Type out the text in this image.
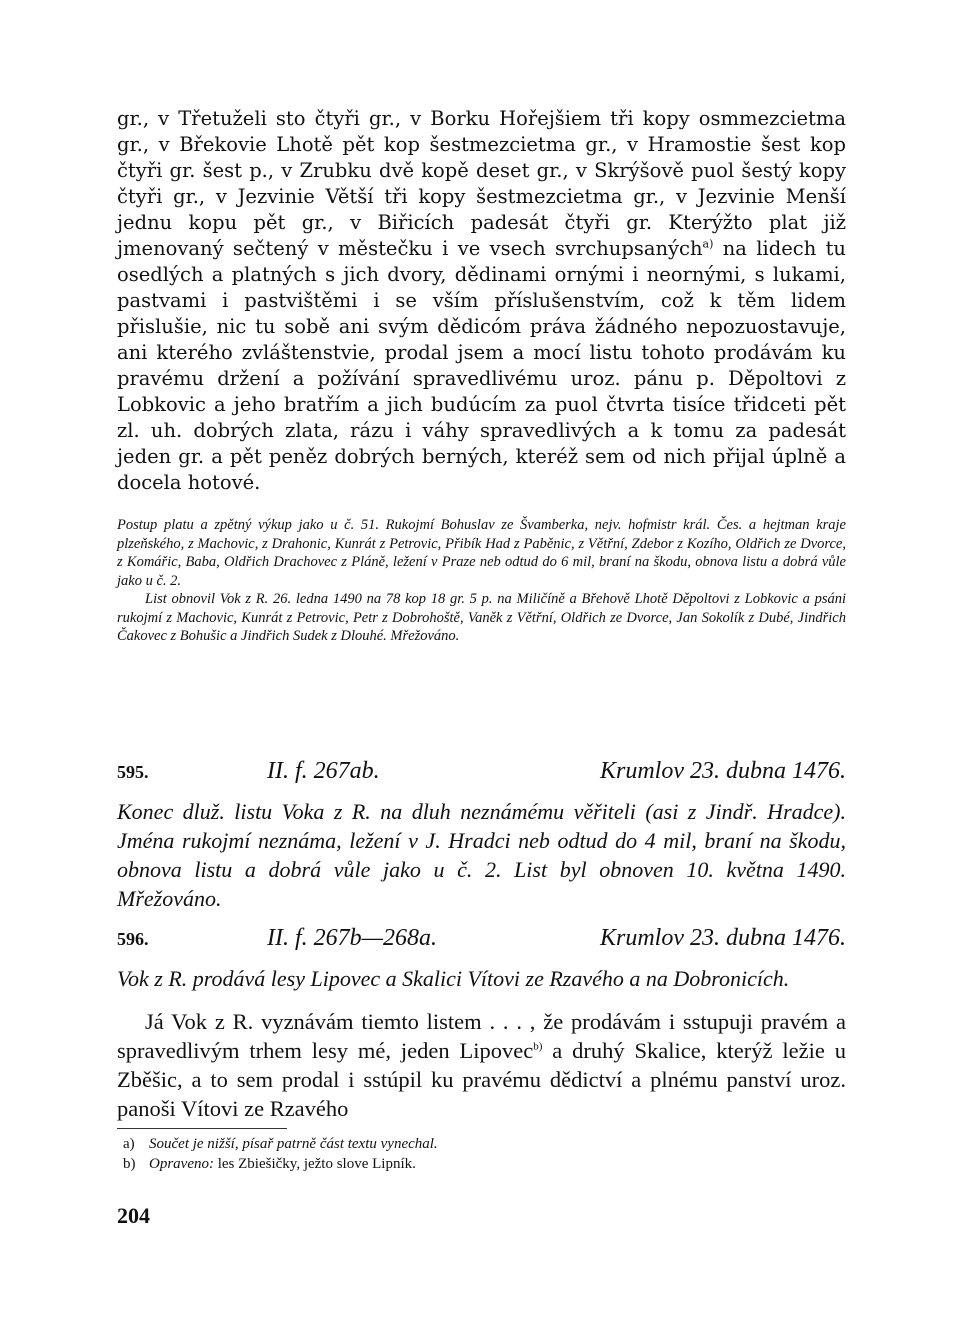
gr., v Třetuželi sto čtyři gr., v Borku Hořejšiem tři kopy osmmezcietma gr., v Břekovie Lhotě pět kop šestmezcietma gr., v Hramostie šest kop čtyři gr. šest p., v Zrubku dvě kopě deset gr., v Skrýšově puol šestý kopy čtyři gr., v Jezvinie Větší tři kopy šestmezcietma gr., v Jezvinie Menší jednu kopu pět gr., v Biřicích padesát čtyři gr. Kterýžto plat již jmenovaný sečtený v městečku i ve vsech svrchupsaných$^{a)}$ na lidech tu osedlých a platných s jich dvory, dědinami ornými i neornými, s lukami, pastvami i pastvištěmi i se vším příslušenstvím, což k těm lidem přislušie, nic tu sobě ani svým dědicóm práva žádného nepozuostavuje, ani kterého zvláštenstvie, prodal jsem a mocí listu tohoto prodávám ku pravému držení a požívání spravedlivému uroz. pánu p. Děpoltovi z Lobkovic a jeho bratřím a jich budúcím za puol čtvrta tisíce třidceti pět zl. uh. dobrých zlata, rázu i váhy spravedlivých a k tomu za padesát jeden gr. a pět peněz dobrých berných, kteréž sem od nich přijal úplně a docela hotové.

Postup platu a zpětný výkup jako u č. 51. Rukojmí Bohuslav ze Švamberka, nejv. hofmistr král. Čes. a hejtman kraje plzeňského, z Machovic, z Drahonic, Kunrát z Petrovic, Přibík Had z Paběnic, z Větřní, Zdebor z Kozího, Oldřich ze Dvorce, z Komářic, Baba, Oldřich Drachovec z Pláně, ležení v Praze neb odtud do 6 mil, braní na škodu, obnova listu a dobrá vůle jako u č. 2.

List obnovil Vok z R. 26. ledna 1490 na 78 kop 18 gr. 5 p. na Miličíně a Břehově Lhotě Děpoltovi z Lobkovic a psáni rukojmí z Machovic, Kunrát z Petrovic, Petr z Dobrohoště, Vaněk z Větřní, Oldřich ze Dvorce, Jan Sokolík z Dubé, Jindřich Čakovec z Bohušic a Jindřich Sudek z Dlouhé. Mřežováno.

595.	II. f. 267ab.	Krumlov 23. dubna 1476.

Konec dluž. listu Voka z R. na dluh neznámému věřiteli (asi z Jindř. Hradce). Jména rukojmí neznáma, ležení v J. Hradci neb odtud do 4 mil, braní na škodu, obnova listu a dobrá vůle jako u č. 2. List byl obnoven 10. května 1490. Mřežováno.

596.	II. f. 267b—268a.	Krumlov 23. dubna 1476.

Vok z R. prodává lesy Lipovec a Skalici Vítovi ze Rzavého a na Dobronicích.

Já Vok z R. vyznávám tiemto listem . . . , že prodávám i sstupuji pravém a spravedlivým trhem lesy mé, jeden Lipovec$^{b)}$ a druhý Skalice, kterýž ležie u Zběšic, a to sem prodal i sstúpil ku pravému dědictví a plnému panství uroz. panoši Vítovi ze Rzavého

a) Součet je nižší, písař patrně část textu vynechal.
b) Opraveno: les Zbiešičky, ježto slove Lipník.
204
